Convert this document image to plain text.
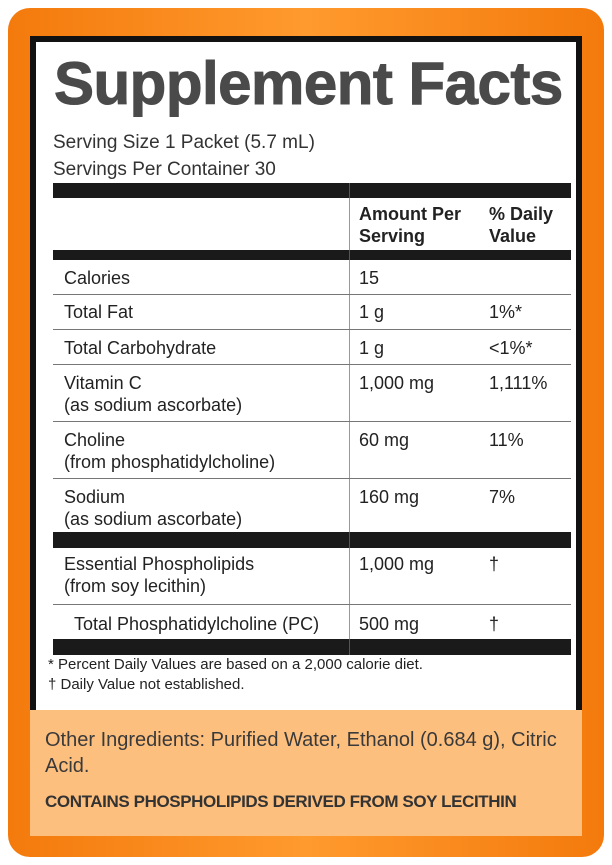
Supplement Facts
Serving Size 1 Packet (5.7 mL)
Servings Per Container 30
Amount Per
Serving
% Daily
Value
Calories	15
Total Fat	1 g	1%*
Total Carbohydrate	1 g	<1%*
Vitamin C
(as sodium ascorbate)
1,000 mg	1,111%
Choline
(from phosphatidylcholine)
60 mg	11%
Sodium
(as sodium ascorbate)
160 mg	7%
Essential Phospholipids
(from soy lecithin)
1,000 mg	†
Total Phosphatidylcholine (PC)	500 mg	†
* Percent Daily Values are based on a 2,000 calorie diet.
† Daily Value not established.
Other Ingredients: Purified Water, Ethanol (0.684 g), Citric Acid.
CONTAINS PHOSPHOLIPIDS DERIVED FROM SOY LECITHIN
